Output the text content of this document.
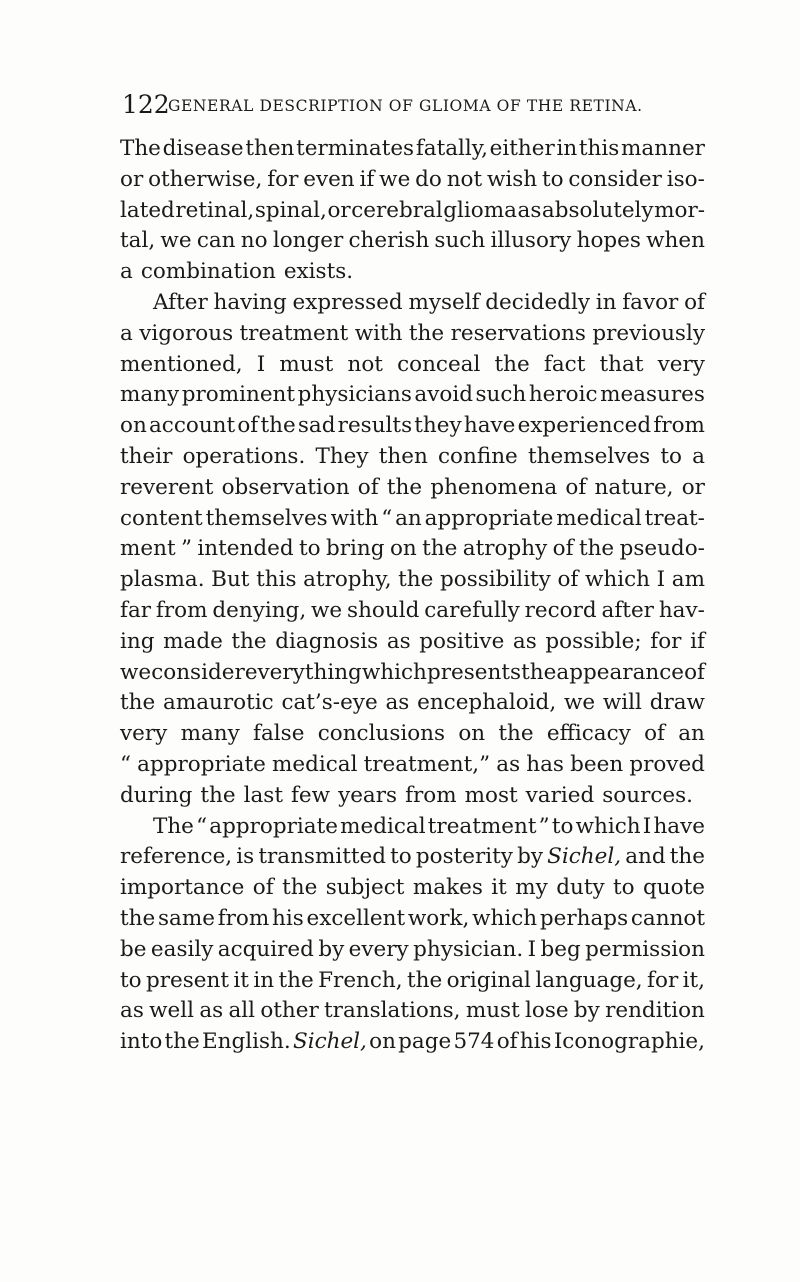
122
GENERAL DESCRIPTION OF GLIOMA OF THE RETINA.
The disease then terminates fatally, either in this manner
or otherwise, for even if we do not wish to consider iso-
lated retinal, spinal, or cerebral glioma as absolutely mor-
tal, we can no longer cherish such illusory hopes when
a combination exists.
After having expressed myself decidedly in favor of
a vigorous treatment with the reservations previously
mentioned, I must not conceal the fact that very
many prominent physicians avoid such heroic measures
on account of the sad results they have experienced from
their operations. They then confine themselves to a
reverent observation of the phenomena of nature, or
content themselves with “ an appropriate medical treat-
ment ” intended to bring on the atrophy of the pseudo-
plasma. But this atrophy, the possibility of which I am
far from denying, we should carefully record after hav-
ing made the diagnosis as positive as possible; for if
we consider everything which presents the appearance of
the amaurotic cat’s-eye as encephaloid, we will draw
very many false conclusions on the efficacy of an
“ appropriate medical treatment,” as has been proved
during the last few years from most varied sources.
The “ appropriate medical treatment ” to which I have
reference, is transmitted to posterity by Sichel, and the
importance of the subject makes it my duty to quote
the same from his excellent work, which perhaps cannot
be easily acquired by every physician. I beg permission
to present it in the French, the original language, for it,
as well as all other translations, must lose by rendition
into the English. Sichel, on page 574 of his Iconographie,
